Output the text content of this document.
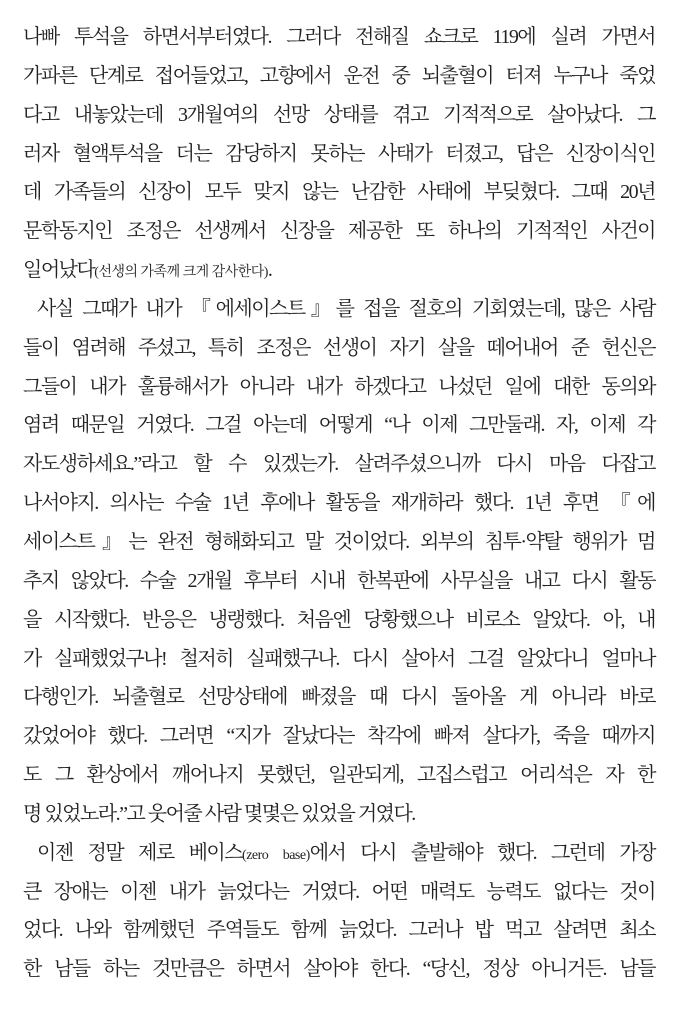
나빠 투석을 하면서부터였다. 그러다 전해질 쇼크로 119에 실려 가면서
가파른 단계로 접어들었고, 고향에서 운전 중 뇌출혈이 터져 누구나 죽었
다고 내놓았는데 3개월여의 선망 상태를 겪고 기적적으로 살아났다. 그
러자 혈액투석을 더는 감당하지 못하는 사태가 터졌고, 답은 신장이식인
데 가족들의 신장이 모두 맞지 않는 난감한 사태에 부딪혔다. 그때 20년
문학동지인 조정은 선생께서 신장을 제공한 또 하나의 기적적인 사건이
일어났다(선생의 가족께 크게 감사한다).
사실 그때가 내가 『에세이스트』를 접을 절호의 기회였는데, 많은 사람
들이 염려해 주셨고, 특히 조정은 선생이 자기 살을 떼어내어 준 헌신은
그들이 내가 훌륭해서가 아니라 내가 하겠다고 나섰던 일에 대한 동의와
염려 때문일 거였다. 그걸 아는데 어떻게 “나 이제 그만둘래. 자, 이제 각
자도생하세요.”라고 할 수 있겠는가. 살려주셨으니까 다시 마음 다잡고
나서야지. 의사는 수술 1년 후에나 활동을 재개하라 했다. 1년 후면 『에
세이스트』는 완전 형해화되고 말 것이었다. 외부의 침투·약탈 행위가 멈
추지 않았다. 수술 2개월 후부터 시내 한복판에 사무실을 내고 다시 활동
을 시작했다. 반응은 냉랭했다. 처음엔 당황했으나 비로소 알았다. 아, 내
가 실패했었구나! 철저히 실패했구나. 다시 살아서 그걸 알았다니 얼마나
다행인가. 뇌출혈로 선망상태에 빠졌을 때 다시 돌아올 게 아니라 바로
갔었어야 했다. 그러면 “지가 잘났다는 착각에 빠져 살다가, 죽을 때까지
도 그 환상에서 깨어나지 못했던, 일관되게, 고집스럽고 어리석은 자 한
명 있었노라.”고 웃어줄 사람 몇몇은 있었을 거였다.
이젠 정말 제로 베이스(zero base)에서 다시 출발해야 했다. 그런데 가장
큰 장애는 이젠 내가 늙었다는 거였다. 어떤 매력도 능력도 없다는 것이
었다. 나와 함께했던 주역들도 함께 늙었다. 그러나 밥 먹고 살려면 최소
한 남들 하는 것만큼은 하면서 살아야 한다. “당신, 정상 아니거든. 남들
